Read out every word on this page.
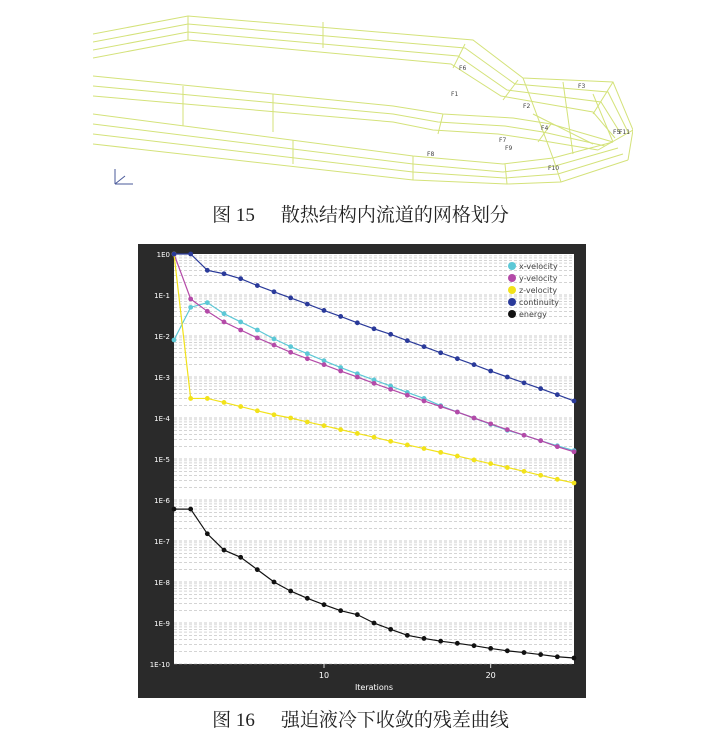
F6
F1
F2
F3
F4
F5
F7
F8
F9
F10
F11
图 15 散热结构内流道的网格划分
1E0
1E-1
1E-2
1E-3
1E-4
1E-5
1E-6
1E-7
1E-8
1E-9
1E-10
10	20
x-velocity
y-velocity
z-velocity
continuity
energy
Iterations
图 16 强迫液冷下收敛的残差曲线
